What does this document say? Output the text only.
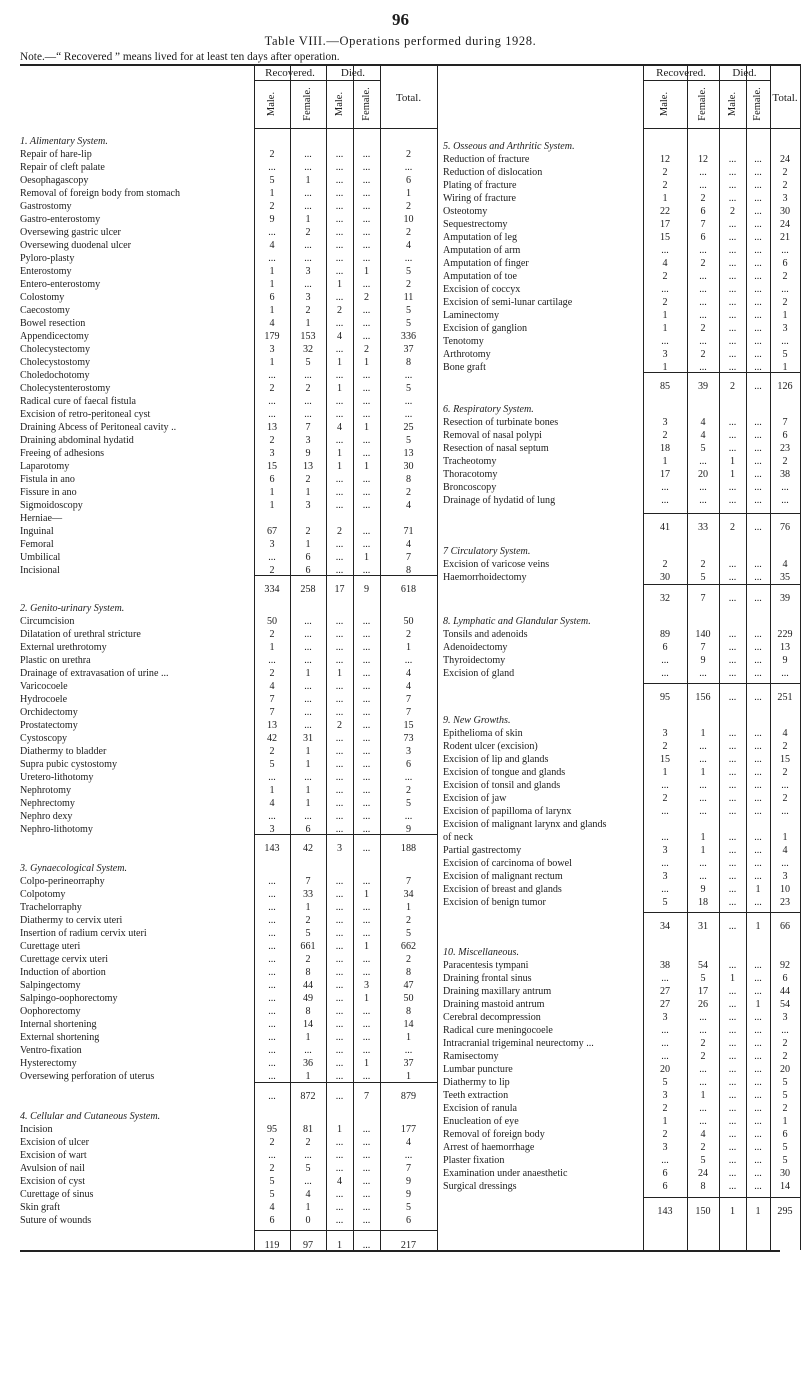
96
Table VIII.—Operations performed during 1928.
Note.—“ Recovered ” means lived for at least ten days after operation.
Recovered.	Died.
Total.
Male. Female. Male. Female.
Recovered.	Died.
Total.
Male.	Female. Male. Female.
1. Alimentary System.
Repair of hare-lip	2	...	...	...	2
Repair of cleft palate	...	...	...	...	...
Oesophagascopy	5	1	...	...	6
Removal of foreign body from stomach	1	...	...	...	1
Gastrostomy	2	...	...	...	2
Gastro-enterostomy	9	1	...	...	10
Oversewing gastric ulcer	...	2	...	...	2
Oversewing duodenal ulcer	4	...	...	...	4
Pyloro-plasty	...	...	...	...	...
Enterostomy	1	3	...	1	5
Entero-enterostomy	1	...	1	...	2
Colostomy	6	3	...	2	11
Caecostomy	1	2	2	...	5
Bowel resection	4	1	...	...	5
Appendicectomy	179	153	4	...	336
Cholecystectomy	3	32	...	2	37
Cholecystostomy	1	5	1	1	8
Choledochotomy	...	...	...	...	...
Cholecystenterostomy	2	2	1	...	5
Radical cure of faecal fistula	...	...	...	...	...
Excision of retro-peritoneal cyst	...	...	...	...	...
Draining Abcess of Peritoneal cavity ..	13	7	4	1	25
Draining abdominal hydatid	2	3	...	...	5
Freeing of adhesions	3	9	1	...	13
Laparotomy	15	13	1	1	30
Fistula in ano	6	2	...	...	8
Fissure in ano	1	1	...	...	2
Sigmoidoscopy	1	3	...	...	4
Herniae—
Inguinal	67	2	2	...	71
Femoral	3	1	...	...	4
Umbilical	...	6	...	1	7
Incisional	2	6	...	...	8
334	258	17	9	618
2. Genito-urinary System.
Circumcision	50	...	...	...	50
Dilatation of urethral stricture	2	...	...	...	2
External urethrotomy	1	...	...	...	1
Plastic on urethra	...	...	...	...	...
Drainage of extravasation of urine ...	2	1	1	...	4
Varicocoele	4	...	...	...	4
Hydrocoele	7	...	...	...	7
Orchidectomy	7	...	...	...	7
Prostatectomy	13	...	2	...	15
Cystoscopy	42	31	...	...	73
Diathermy to bladder	2	1	...	...	3
Supra pubic cystostomy	5	1	...	...	6
Uretero-lithotomy	...	...	...	...	...
Nephrotomy	1	1	...	...	2
Nephrectomy	4	1	...	...	5
Nephro dexy	...	...	...	...	...
Nephro-lithotomy	3	6	...	...	9
143	42	3	...	188
3. Gynaecological System.
Colpo-perineorraphy	...	7	...	...	7
Colpotomy	...	33	...	1	34
Trachelorraphy	...	1	...	...	1
Diathermy to cervix uteri	...	2	...	...	2
Insertion of radium cervix uteri	...	5	...	...	5
Curettage uteri	...	661	...	1	662
Curettage cervix uteri	...	2	...	...	2
Induction of abortion	...	8	...	...	8
Salpingectomy	...	44	...	3	47
Salpingo-oophorectomy	...	49	...	1	50
Oophorectomy	...	8	...	...	8
Internal shortening	...	14	...	...	14
External shortening	...	1	...	...	1
Ventro-fixation	...	...	...	...	...
Hysterectomy	...	36	...	1	37
Oversewing perforation of uterus	...	1	...	...	1
...	872	...	7	879
4. Cellular and Cutaneous System.
Incision	95	81	1	...	177
Excision of ulcer	2	2	...	...	4
Excision of wart	...	...	...	...	...
Avulsion of nail	2	5	...	...	7
Excision of cyst	5	...	4	...	9
Curettage of sinus	5	4	...	...	9
Skin graft	4	1	...	...	5
Suture of wounds	6	0	...	...	6
119	97	1	...	217
5. Osseous and Arthritic System.
Reduction of fracture	12	12	...	...	24
Reduction of dislocation	2	...	...	...	2
Plating of fracture	2	...	...	...	2
Wiring of fracture	1	2	...	...	3
Osteotomy	22	6	2	...	30
Sequestrectomy	17	7	...	...	24
Amputation of leg	15	6	...	...	21
Amputation of arm	...	...	...	...	...
Amputation of finger	4	2	...	...	6
Amputation of toe	2	...	...	...	2
Excision of coccyx	...	...	...	...	...
Excision of semi-lunar cartilage	2	...	...	...	2
Laminectomy	1	...	...	...	1
Excision of ganglion	1	2	...	...	3
Tenotomy	...	...	...	...	...
Arthrotomy	3	2	...	...	5
Bone graft	1	...	...	...	1
85	39	2	...	126
6. Respiratory System.
Resection of turbinate bones	3	4	...	...	7
Removal of nasal polypi	2	4	...	...	6
Resection of nasal septum	18	5	...	...	23
Tracheotomy	1	...	1	...	2
Thoracotomy	17	20	1	...	38
Broncoscopy	...	...	...	...	...
Drainage of hydatid of lung	...	...	...	...	...
41	33	2	...	76
7 Circulatory System.
Excision of varicose veins	2	2	...	...	4
Haemorrhoidectomy	30	5	...	...	35
32	7	...	...	39
8. Lymphatic and Glandular System.
Tonsils and adenoids	89	140	...	...	229
Adenoidectomy	6	7	...	...	13
Thyroidectomy	...	9	...	...	9
Excision of gland	...	...	...	...	...
95	156	...	...	251
9. New Growths.
Epithelioma of skin	3	1	...	...	4
Rodent ulcer (excision)	2	...	...	...	2
Excision of lip and glands	15	...	...	...	15
Excision of tongue and glands	1	1	...	...	2
Excision of tonsil and glands	...	...	...	...	...
Excision of jaw	2	...	...	...	2
Excision of papilloma of larynx	...	...	...	...	...
Excision of malignant larynx and glands
of neck	...	1	...	...	1
Partial gastrectomy	3	1	...	...	4
Excision of carcinoma of bowel	...	...	...	...	...
Excision of malignant rectum	3	...	...	...	3
Excision of breast and glands	...	9	...	1	10
Excision of benign tumor	5	18	...	...	23
34	31	...	1	66
10. Miscellaneous.
Paracentesis tympani	38	54	...	...	92
Draining frontal sinus	...	5	1	...	6
Draining maxillary antrum	27	17	...	...	44
Draining mastoid antrum	27	26	...	1	54
Cerebral decompression	3	...	...	...	3
Radical cure meningocoele	...	...	...	...	...
Intracranial trigeminal neurectomy ...	...	2	...	...	2
Ramisectomy	...	2	...	...	2
Lumbar puncture	20	...	...	...	20
Diathermy to lip	5	...	...	...	5
Teeth extraction	3	1	...	...	5
Excision of ranula	2	...	...	...	2
Enucleation of eye	1	...	...	...	1
Removal of foreign body	2	4	...	...	6
Arrest of haemorrhage	3	2	...	...	5
Plaster fixation	...	5	...	...	5
Examination under anaesthetic	6	24	...	...	30
Surgical dressings	6	8	...	...	14
143	150	1	1	295
